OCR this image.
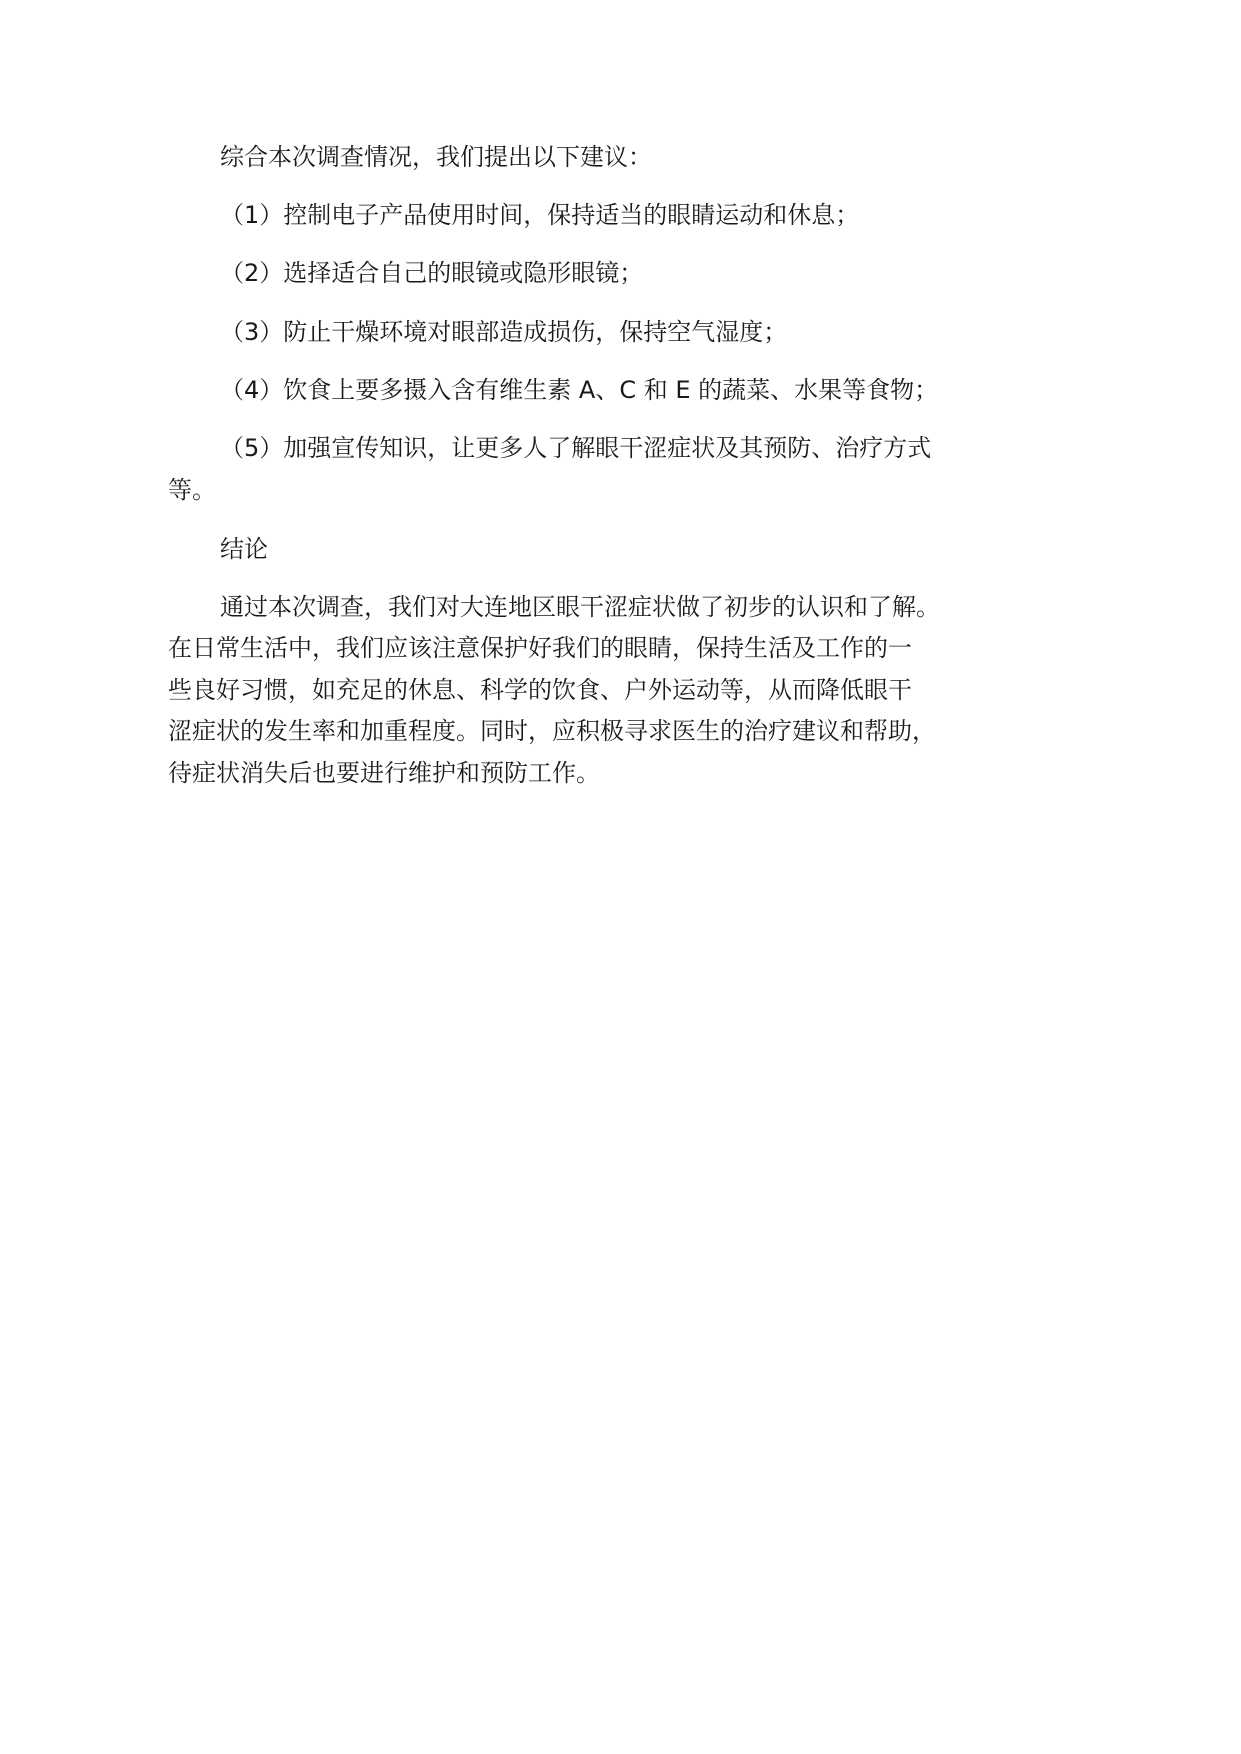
综合本次调查情况，我们提出以下建议：
（1）控制电子产品使用时间，保持适当的眼睛运动和休息；
（2）选择适合自己的眼镜或隐形眼镜；
（3）防止干燥环境对眼部造成损伤，保持空气湿度；
（4）饮食上要多摄入含有维生素 A、C 和 E 的蔬菜、水果等食物；
（5）加强宣传知识，让更多人了解眼干涩症状及其预防、治疗方式
等。
结论
通过本次调查，我们对大连地区眼干涩症状做了初步的认识和了解。
在日常生活中，我们应该注意保护好我们的眼睛，保持生活及工作的一
些良好习惯，如充足的休息、科学的饮食、户外运动等，从而降低眼干
涩症状的发生率和加重程度。同时，应积极寻求医生的治疗建议和帮助，
待症状消失后也要进行维护和预防工作。
